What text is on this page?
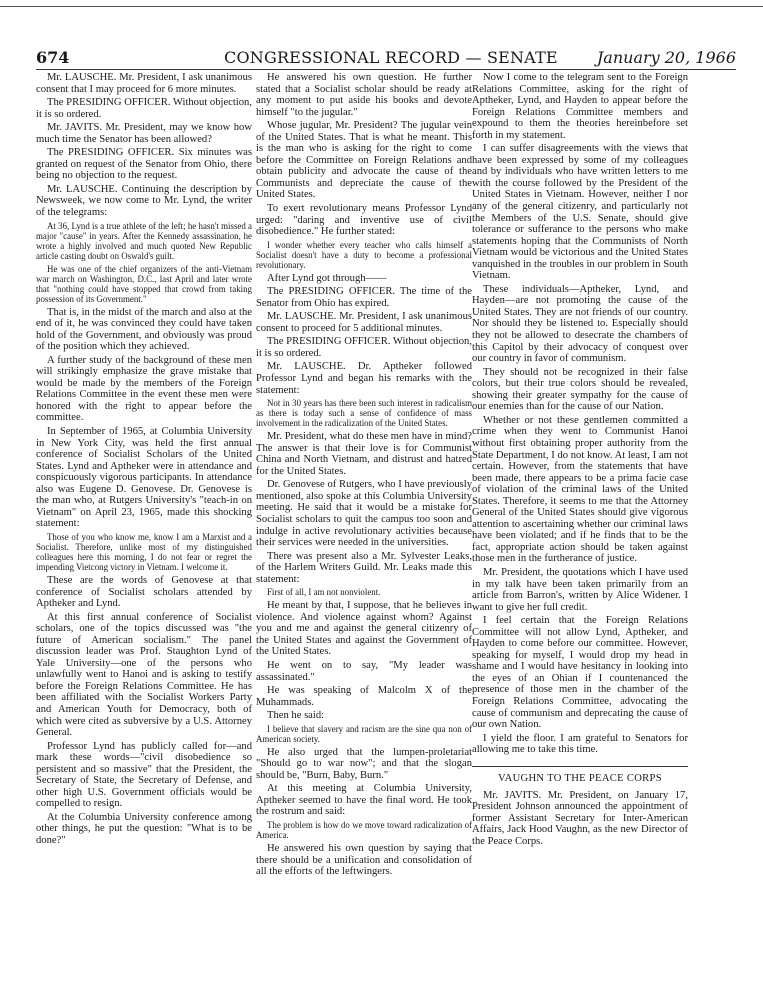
674	CONGRESSIONAL RECORD — SENATE January 20, 1966

Mr. LAUSCHE. Mr. President, I ask unanimous consent that I may proceed for 6 more minutes.

The PRESIDING OFFICER. Without objection, it is so ordered.

Mr. JAVITS. Mr. President, may we know how much time the Senator has been allowed?

The PRESIDING OFFICER. Six minutes was granted on request of the Senator from Ohio, there being no objection to the request.

Mr. LAUSCHE. Continuing the description by Newsweek, we now come to Mr. Lynd, the writer of the telegrams:

At 36, Lynd is a true athlete of the left; he hasn't missed a major "cause" in years. After the Kennedy assassination, he wrote a highly involved and much quoted New Republic article casting doubt on Oswald's guilt.

He was one of the chief organizers of the anti-Vietnam war march on Washington, D.C., last April and later wrote that "nothing could have stopped that crowd from taking possession of its Government."

That is, in the midst of the march and also at the end of it, he was convinced they could have taken hold of the Government, and obviously was proud of the position which they achieved.

A further study of the background of these men will strikingly emphasize the grave mistake that would be made by the members of the Foreign Relations Committee in the event these men were honored with the right to appear before the committee.

In September of 1965, at Columbia University in New York City, was held the first annual conference of Socialist Scholars of the United States. Lynd and Aptheker were in attendance and conspicuously vigorous participants. In attendance also was Eugene D. Genovese. Dr. Genovese is the man who, at Rutgers University's "teach-in on Vietnam" on April 23, 1965, made this shocking statement:

Those of you who know me, know I am a Marxist and a Socialist. Therefore, unlike most of my distinguished colleagues here this morning, I do not fear or regret the impending Vietcong victory in Vietnam. I welcome it.

These are the words of Genovese at that conference of Socialist scholars attended by Aptheker and Lynd.

At this first annual conference of Socialist scholars, one of the topics discussed was "the future of American socialism." The panel discussion leader was Prof. Staughton Lynd of Yale University—one of the persons who unlawfully went to Hanoi and is asking to testify before the Foreign Relations Committee. He has been affiliated with the Socialist Workers Party and American Youth for Democracy, both of which were cited as subversive by a U.S. Attorney General.

Professor Lynd has publicly called for—and mark these words—"civil disobedience so persistent and so massive" that the President, the Secretary of State, the Secretary of Defense, and other high U.S. Government officials would be compelled to resign.

At the Columbia University conference among other things, he put the question: "What is to be done?"

He answered his own question. He further stated that a Socialist scholar should be ready at any moment to put aside his books and devote himself "to the jugular."

Whose jugular, Mr. President? The jugular vein of the United States. That is what he meant. This is the man who is asking for the right to come before the Committee on Foreign Relations and obtain publicity and advocate the cause of the Communists and depreciate the cause of the United States.

To exert revolutionary means Professor Lynd urged: "daring and inventive use of civil disobedience." He further stated:

I wonder whether every teacher who calls himself a Socialist doesn't have a duty to become a professional revolutionary.

After Lynd got through——

The PRESIDING OFFICER. The time of the Senator from Ohio has expired.

Mr. LAUSCHE. Mr. President, I ask unanimous consent to proceed for 5 additional minutes.

The PRESIDING OFFICER. Without objection, it is so ordered.

Mr. LAUSCHE. Dr. Aptheker followed Professor Lynd and began his remarks with the statement:

Not in 30 years has there been such interest in radicalism as there is today such a sense of confidence of mass involvement in the radicalization of the United States.

Mr. President, what do these men have in mind? The answer is that their love is for Communist China and North Vietnam, and distrust and hatred for the United States.

Dr. Genovese of Rutgers, who I have previously mentioned, also spoke at this Columbia University meeting. He said that it would be a mistake for Socialist scholars to quit the campus too soon and indulge in active revolutionary activities because their services were needed in the universities.

There was present also a Mr. Sylvester Leaks, of the Harlem Writers Guild. Mr. Leaks made this statement:

First of all, I am not nonviolent.

He meant by that, I suppose, that he believes in violence. And violence against whom? Against you and me and against the general citizenry of the United States and against the Government of the United States.

He went on to say, "My leader was assassinated."

He was speaking of Malcolm X of the Muhammads.

Then he said:

I believe that slavery and racism are the sine qua non of American society.

He also urged that the lumpen-proletariat "Should go to war now"; and that the slogan should be, "Burn, Baby, Burn."

At this meeting at Columbia University, Aptheker seemed to have the final word. He took the rostrum and said:

The problem is how do we move toward radicalization of America.

He answered his own question by saying that there should be a unification and consolidation of all the efforts of the leftwingers.

Now I come to the telegram sent to the Foreign Relations Committee, asking for the right of Aptheker, Lynd, and Hayden to appear before the Foreign Relations Committee members and expound to them the theories hereinbefore set forth in my statement.

I can suffer disagreements with the views that have been expressed by some of my colleagues and by individuals who have written letters to me with the course followed by the President of the United States in Vietnam. However, neither I nor any of the general citizenry, and particularly not the Members of the U.S. Senate, should give tolerance or sufferance to the persons who make statements hoping that the Communists of North Vietnam would be victorious and the United States vanquished in the troubles in our problem in South Vietnam.

These individuals—Aptheker, Lynd, and Hayden—are not promoting the cause of the United States. They are not friends of our country. Nor should they be listened to. Especially should they not be allowed to desecrate the chambers of this Capitol by their advocacy of conquest over our country in favor of communism.

They should not be recognized in their false colors, but their true colors should be revealed, showing their greater sympathy for the cause of our enemies than for the cause of our Nation.

Whether or not these gentlemen committed a crime when they went to Communist Hanoi without first obtaining proper authority from the State Department, I do not know. At least, I am not certain. However, from the statements that have been made, there appears to be a prima facie case of violation of the criminal laws of the United States. Therefore, it seems to me that the Attorney General of the United States should give vigorous attention to ascertaining whether our criminal laws have been violated; and if he finds that to be the fact, appropriate action should be taken against those men in the furtherance of justice.

Mr. President, the quotations which I have used in my talk have been taken primarily from an article from Barron's, written by Alice Widener. I want to give her full credit.

I feel certain that the Foreign Relations Committee will not allow Lynd, Aptheker, and Hayden to come before our committee. However, speaking for myself, I would drop my head in shame and I would have hesitancy in looking into the eyes of an Ohian if I countenanced the presence of those men in the chamber of the Foreign Relations Committee, advocating the cause of communism and deprecating the cause of our own Nation.

I yield the floor. I am grateful to Senators for allowing me to take this time.

VAUGHN TO THE PEACE CORPS

Mr. JAVITS. Mr. President, on January 17, President Johnson announced the appointment of former Assistant Secretary for Inter-American Affairs, Jack Hood Vaughn, as the new Director of the Peace Corps.
